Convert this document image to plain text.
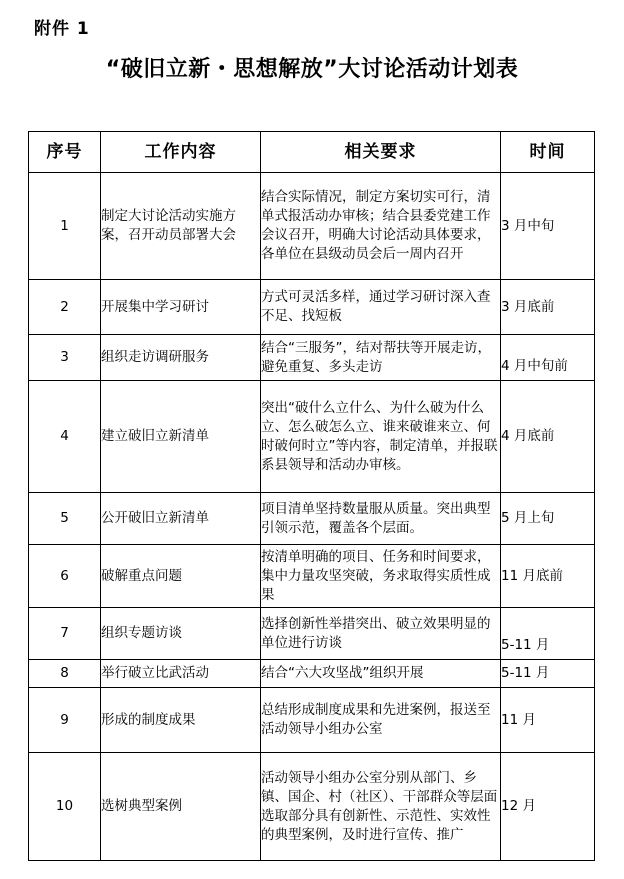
附件 1
“破旧立新・思想解放”大讨论活动计划表
序号	工作内容	相关要求	时间
1	制定大讨论活动实施方案，召开动员部署大会	结合实际情况，制定方案切实可行，清单式报活动办审核；结合县委党建工作会议召开，明确大讨论活动具体要求，各单位在县级动员会后一周内召开	3 月中旬
2	开展集中学习研讨	方式可灵活多样，通过学习研讨深入查不足、找短板	3 月底前
3	组织走访调研服务	结合“三服务”，结对帮扶等开展走访，避免重复、多头走访	4 月中旬前
4	建立破旧立新清单	突出“破什么立什么、为什么破为什么立、怎么破怎么立、谁来破谁来立、何时破何时立”等内容，制定清单，并报联系县领导和活动办审核。	4 月底前
5	公开破旧立新清单	项目清单坚持数量服从质量。突出典型引领示范，覆盖各个层面。	5 月上旬
6	破解重点问题	按清单明确的项目、任务和时间要求，集中力量攻坚突破，务求取得实质性成果	11 月底前
7	组织专题访谈	选择创新性举措突出、破立效果明显的单位进行访谈	5-11 月
8	举行破立比武活动	结合“六大攻坚战”组织开展	5-11 月
9	形成的制度成果	总结形成制度成果和先进案例，报送至活动领导小组办公室	11 月
10	选树典型案例	活动领导小组办公室分别从部门、乡镇、国企、村（社区）、干部群众等层面选取部分具有创新性、示范性、实效性的典型案例，及时进行宣传、推广	12 月
